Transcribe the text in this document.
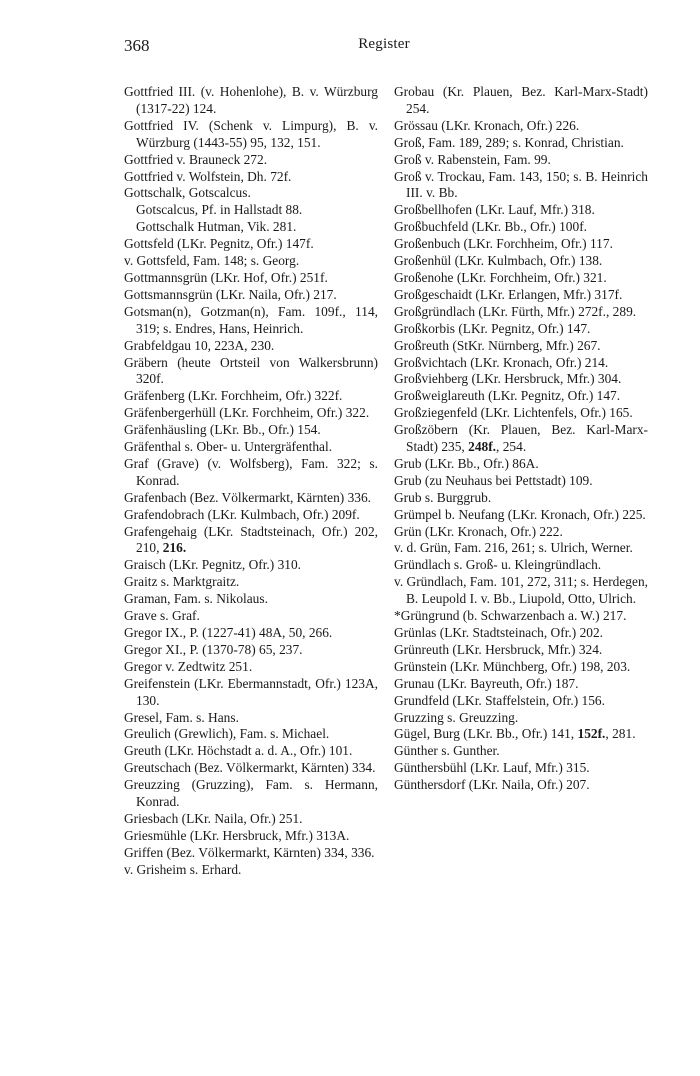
368	Register
Gottfried III. (v. Hohenlohe), B. v. Würzburg (1317-22) 124.
Gottfried IV. (Schenk v. Limpurg), B. v. Würzburg (1443-55) 95, 132, 151.
Gottfried v. Brauneck 272.
Gottfried v. Wolfstein, Dh. 72f.
Gottschalk, Gotscalcus.
Gotscalcus, Pf. in Hallstadt 88.
Gottschalk Hutman, Vik. 281.
Gottsfeld (LKr. Pegnitz, Ofr.) 147f.
v. Gottsfeld, Fam. 148; s. Georg.
Gottmannsgrün (LKr. Hof, Ofr.) 251f.
Gottsmannsgrün (LKr. Naila, Ofr.) 217.
Gotsman(n), Gotzman(n), Fam. 109f., 114, 319; s. Endres, Hans, Heinrich.
Grabfeldgau 10, 223A, 230.
Gräbern (heute Ortsteil von Walkersbrunn) 320f.
Gräfenberg (LKr. Forchheim, Ofr.) 322f.
Gräfenbergerhüll (LKr. Forchheim, Ofr.) 322.
Gräfenhäusling (LKr. Bb., Ofr.) 154.
Gräfenthal s. Ober- u. Untergräfenthal.
Graf (Grave) (v. Wolfsberg), Fam. 322; s. Konrad.
Grafenbach (Bez. Völkermarkt, Kärnten) 336.
Grafendobrach (LKr. Kulmbach, Ofr.) 209f.
Grafengehaig (LKr. Stadtsteinach, Ofr.) 202, 210, 216.
Graisch (LKr. Pegnitz, Ofr.) 310.
Graitz s. Marktgraitz.
Graman, Fam. s. Nikolaus.
Grave s. Graf.
Gregor IX., P. (1227-41) 48A, 50, 266.
Gregor XI., P. (1370-78) 65, 237.
Gregor v. Zedtwitz 251.
Greifenstein (LKr. Ebermannstadt, Ofr.) 123A, 130.
Gresel, Fam. s. Hans.
Greulich (Grewlich), Fam. s. Michael.
Greuth (LKr. Höchstadt a. d. A., Ofr.) 101.
Greutschach (Bez. Völkermarkt, Kärnten) 334.
Greuzzing (Gruzzing), Fam. s. Hermann, Konrad.
Griesbach (LKr. Naila, Ofr.) 251.
Griesmühle (LKr. Hersbruck, Mfr.) 313A.
Griffen (Bez. Völkermarkt, Kärnten) 334, 336.
v. Grisheim s. Erhard.
Grobau (Kr. Plauen, Bez. Karl-Marx-Stadt) 254.
Grössau (LKr. Kronach, Ofr.) 226.
Groß, Fam. 189, 289; s. Konrad, Christian.
Groß v. Rabenstein, Fam. 99.
Groß v. Trockau, Fam. 143, 150; s. B. Heinrich III. v. Bb.
Großbellhofen (LKr. Lauf, Mfr.) 318.
Großbuchfeld (LKr. Bb., Ofr.) 100f.
Großenbuch (LKr. Forchheim, Ofr.) 117.
Großenhül (LKr. Kulmbach, Ofr.) 138.
Großenohe (LKr. Forchheim, Ofr.) 321.
Großgeschaidt (LKr. Erlangen, Mfr.) 317f.
Großgründlach (LKr. Fürth, Mfr.) 272f., 289.
Großkorbis (LKr. Pegnitz, Ofr.) 147.
Großreuth (StKr. Nürnberg, Mfr.) 267.
Großvichtach (LKr. Kronach, Ofr.) 214.
Großviehberg (LKr. Hersbruck, Mfr.) 304.
Großweiglareuth (LKr. Pegnitz, Ofr.) 147.
Großziegenfeld (LKr. Lichtenfels, Ofr.) 165.
Großzöbern (Kr. Plauen, Bez. Karl-Marx-Stadt) 235, 248f., 254.
Grub (LKr. Bb., Ofr.) 86A.
Grub (zu Neuhaus bei Pettstadt) 109.
Grub s. Burggrub.
Grümpel b. Neufang (LKr. Kronach, Ofr.) 225.
Grün (LKr. Kronach, Ofr.) 222.
v. d. Grün, Fam. 216, 261; s. Ulrich, Werner.
Gründlach s. Groß- u. Kleingründlach.
v. Gründlach, Fam. 101, 272, 311; s. Herdegen, B. Leupold I. v. Bb., Liupold, Otto, Ulrich.
*Grüngrund (b. Schwarzenbach a. W.) 217.
Grünlas (LKr. Stadtsteinach, Ofr.) 202.
Grünreuth (LKr. Hersbruck, Mfr.) 324.
Grünstein (LKr. Münchberg, Ofr.) 198, 203.
Grunau (LKr. Bayreuth, Ofr.) 187.
Grundfeld (LKr. Staffelstein, Ofr.) 156.
Gruzzing s. Greuzzing.
Gügel, Burg (LKr. Bb., Ofr.) 141, 152f., 281.
Günther s. Gunther.
Günthersbühl (LKr. Lauf, Mfr.) 315.
Günthersdorf (LKr. Naila, Ofr.) 207.
